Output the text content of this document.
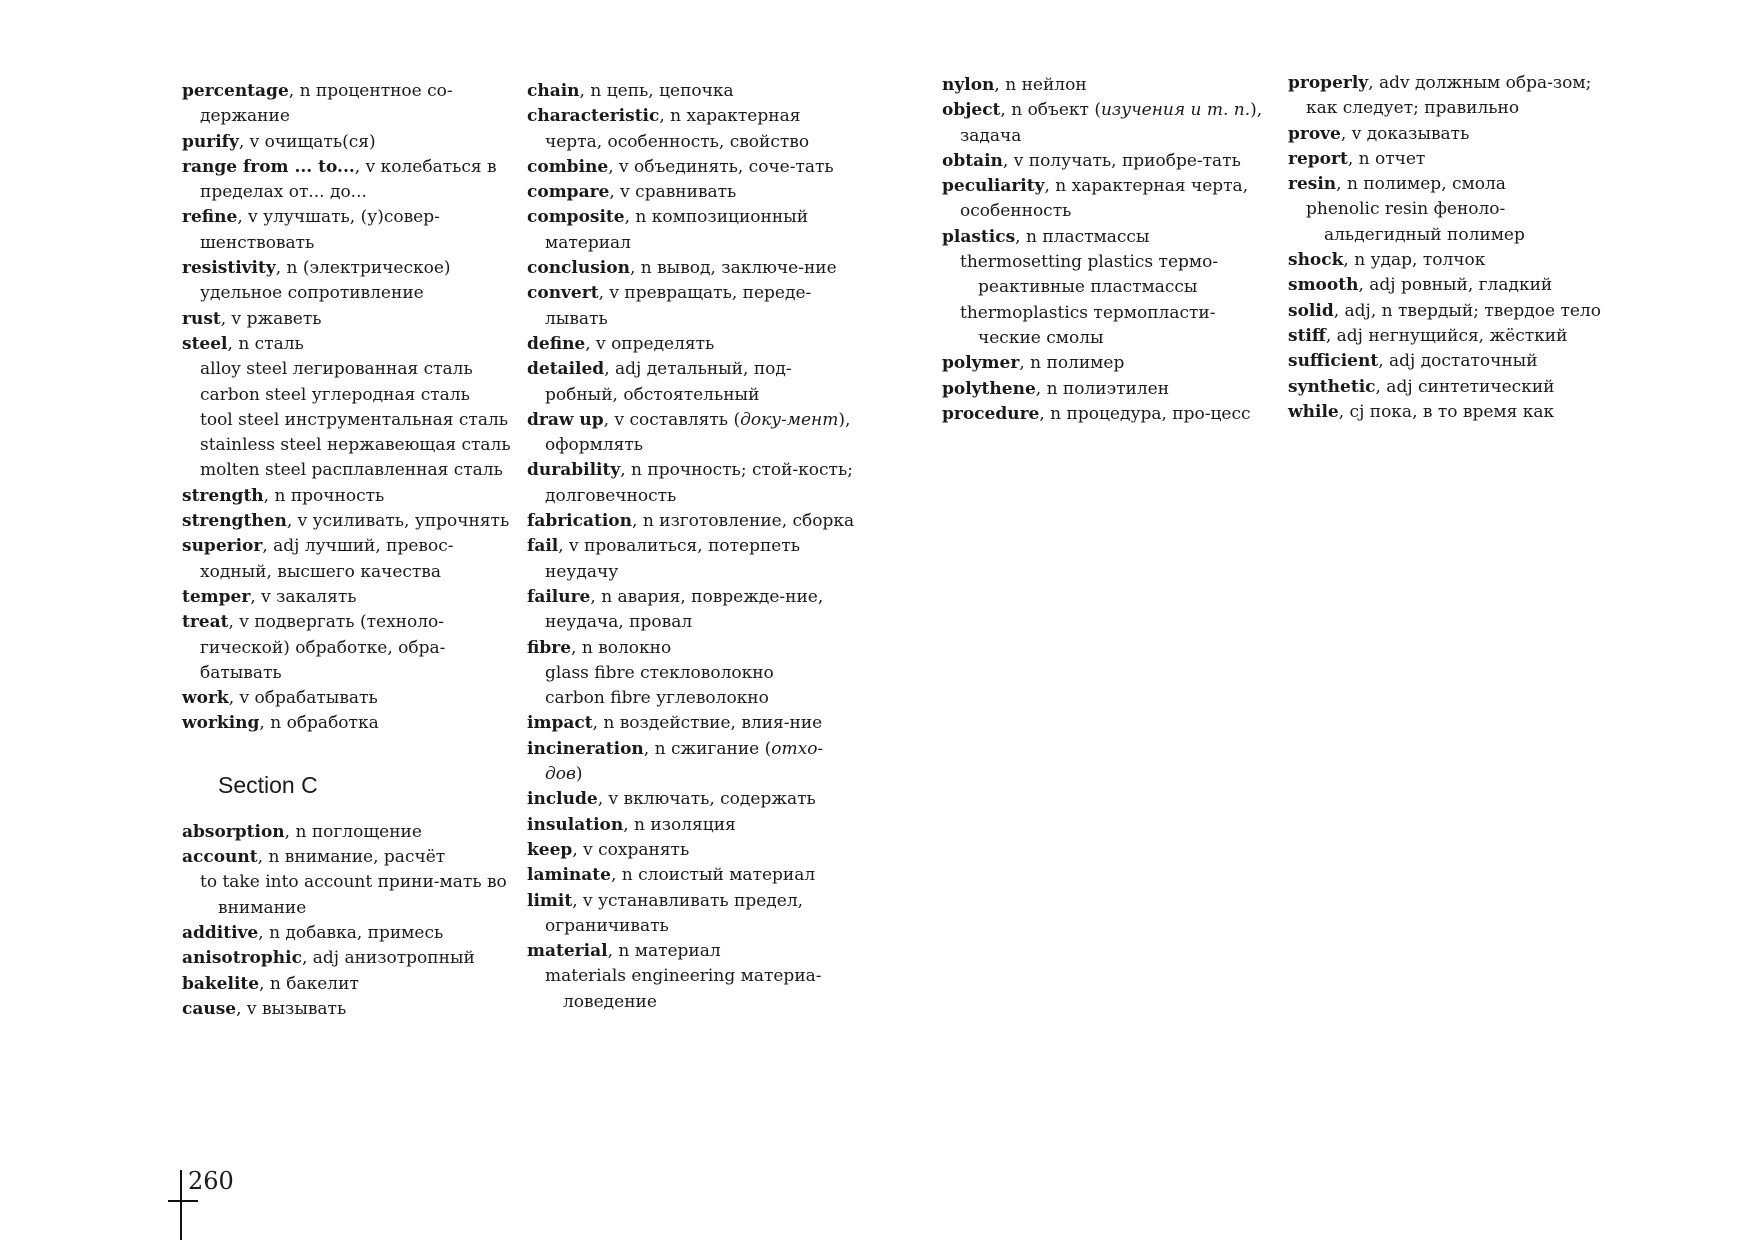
percentage, n процентное со-держание
purify, v очищать(ся)
range from ... to..., v колебаться в пределах от... до...
refine, v улучшать, (у)совер-шенствовать
resistivity, n (электрическое) удельное сопротивление
rust, v ржаветь
steel, n сталь
alloy steel легированная сталь
carbon steel углеродная сталь
tool steel инструментальная сталь
stainless steel нержавеющая сталь
molten steel расплавленная сталь
strength, n прочность
strengthen, v усиливать, упрочнять
superior, adj лучший, превос-ходный, высшего качества
temper, v закалять
treat, v подвергать (техноло-гической) обработке, обра-батывать
work, v обрабатывать
working, n обработка
Section C
absorption, n поглощение
account, n внимание, расчёт
to take into account прини-мать во внимание
additive, n добавка, примесь
anisotrophic, adj анизотропный
bakelite, n бакелит
cause, v вызывать
chain, n цепь, цепочка
characteristic, n характерная черта, особенность, свойство
combine, v объединять, соче-тать
compare, v сравнивать
composite, n композиционный материал
conclusion, n вывод, заключе-ние
convert, v превращать, переде-лывать
define, v определять
detailed, adj детальный, под-робный, обстоятельный
draw up, v составлять (доку-мент), оформлять
durability, n прочность; стой-кость; долговечность
fabrication, n изготовление, сборка
fail, v провалиться, потерпеть неудачу
failure, n авария, поврежде-ние, неудача, провал
fibre, n волокно
glass fibre стекловолокно
carbon fibre углеволокно
impact, n воздействие, влия-ние
incineration, n сжигание (отхо-дов)
include, v включать, содержать
insulation, n изоляция
keep, v сохранять
laminate, n слоистый материал
limit, v устанавливать предел, ограничивать
material, n материал
materials engineering материа-ловедение
nylon, n нейлон
object, n объект (изучения и т. п.), задача
obtain, v получать, приобре-тать
peculiarity, n характерная черта, особенность
plastics, n пластмассы
thermosetting plastics термо-реактивные пластмассы
thermoplastics термопласти-ческие смолы
polymer, n полимер
polythene, n полиэтилен
procedure, n процедура, про-цесс
properly, adv должным обра-зом; как следует; правильно
prove, v доказывать
report, n отчет
resin, n полимер, смола
phenolic resin феноло-альдегидный полимер
shock, n удар, толчок
smooth, adj ровный, гладкий
solid, adj, n твердый; твердое тело
stiff, adj негнущийся, жёсткий
sufficient, adj достаточный
synthetic, adj синтетический
while, cj пока, в то время как
260
